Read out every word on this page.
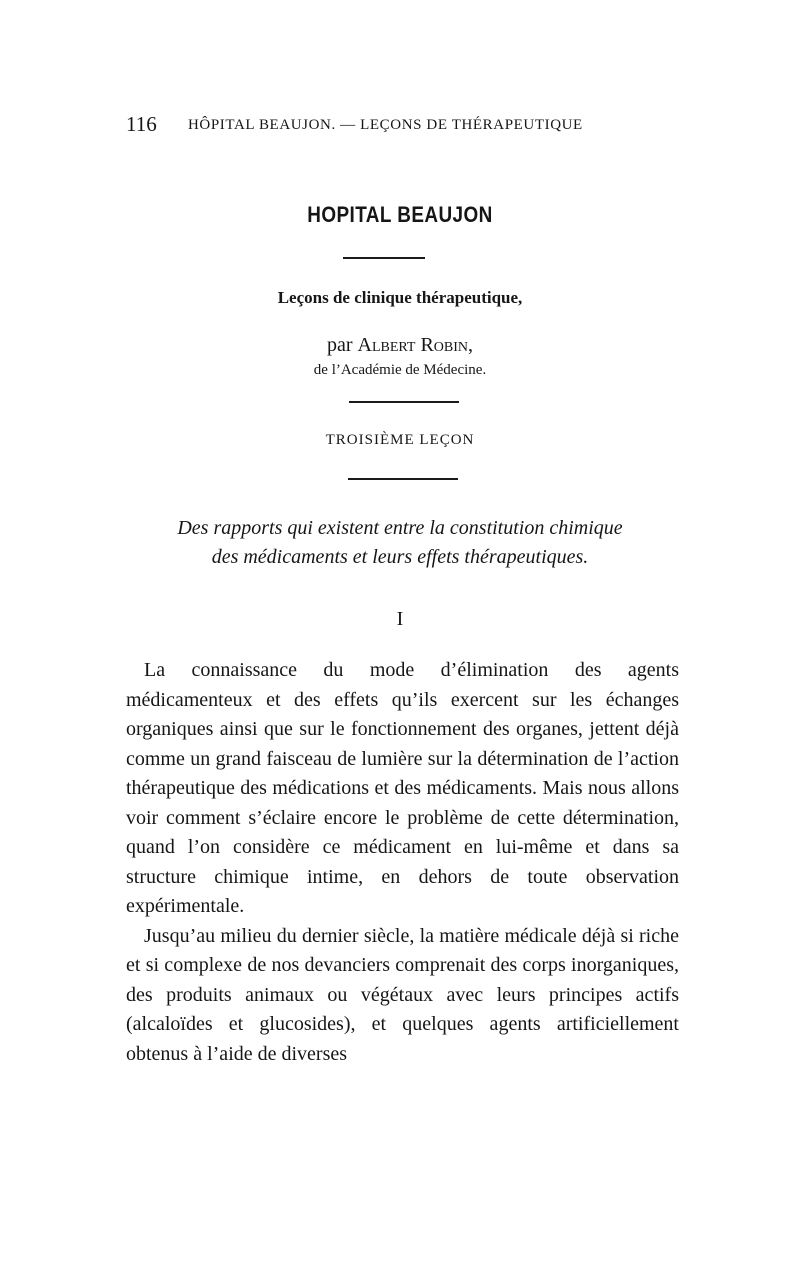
116 HÔPITAL BEAUJON. — LEÇONS DE THÉRAPEUTIQUE
HOPITAL BEAUJON
Leçons de clinique thérapeutique,
par Albert Robin,
de l’Académie de Médecine.
TROISIÈME LEÇON
Des rapports qui existent entre la constitution chimique
des médicaments et leurs effets thérapeutiques.
I

La connaissance du mode d’élimination des agents médicamenteux et des effets qu’ils exercent sur les échanges organiques ainsi que sur le fonctionnement des organes, jettent déjà comme un grand faisceau de lumière sur la détermination de l’action thérapeutique des médications et des médicaments. Mais nous allons voir comment s’éclaire encore le problème de cette détermination, quand l’on considère ce médicament en lui-même et dans sa structure chimique intime, en dehors de toute observation expérimentale.

Jusqu’au milieu du dernier siècle, la matière médicale déjà si riche et si complexe de nos devanciers comprenait des corps inorganiques, des produits animaux ou végétaux avec leurs principes actifs (alcaloïdes et glucosides), et quelques agents artificiellement obtenus à l’aide de diverses
